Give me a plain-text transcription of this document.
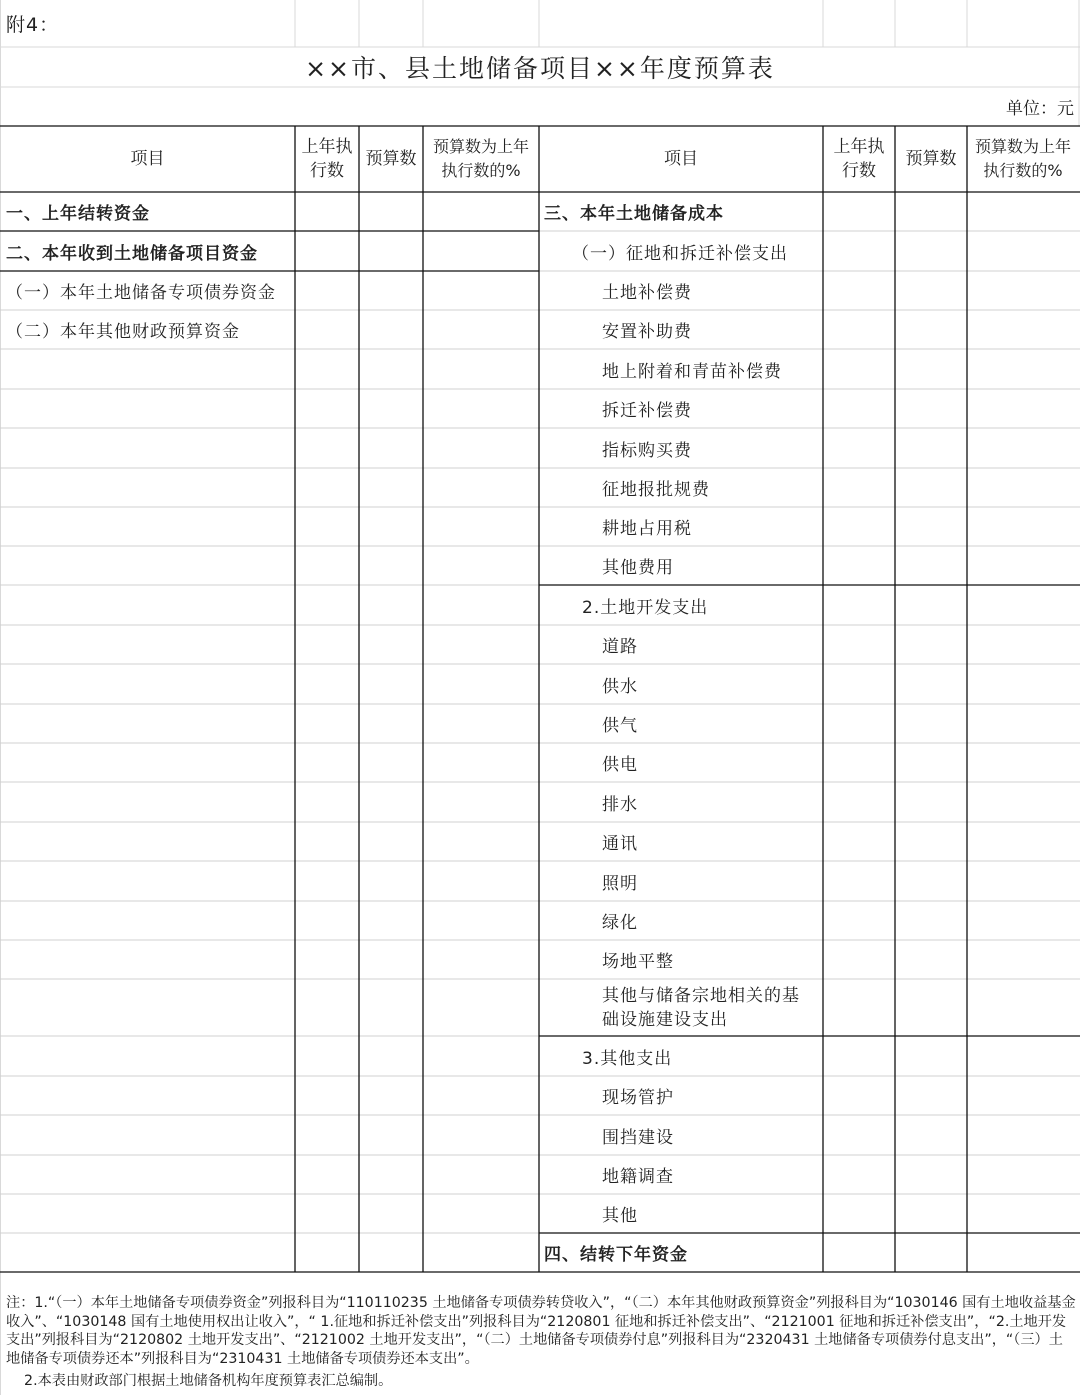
附4：
××市、县土地储备项目××年度预算表
单位：元
项目
上年执行数
预算数
预算数为上年执行数的%
项目
上年执行数
预算数
预算数为上年执行数的%
一、上年结转资金
二、本年收到土地储备项目资金
（一）本年土地储备专项债券资金
（二）本年其他财政预算资金
三、本年土地储备成本
（一）征地和拆迁补偿支出
土地补偿费
安置补助费
地上附着和青苗补偿费
拆迁补偿费
指标购买费
征地报批规费
耕地占用税
其他费用
2.土地开发支出
道路
供水
供气
供电
排水
通讯
照明
绿化
场地平整
其他与储备宗地相关的基础设施建设支出
3.其他支出
现场管护
围挡建设
地籍调查
其他
四、结转下年资金

注：1.“（一）本年土地储备专项债券资金”列报科目为“110110235 土地储备专项债券转贷收入”，“（二）本年其他财政预算资金”列报科目为“1030146 国有土地收益基金收入”、“1030148 国有土地使用权出让收入”，“ 1.征地和拆迁补偿支出”列报科目为“2120801 征地和拆迁补偿支出”、“2121001 征地和拆迁补偿支出”，“2.土地开发支出”列报科目为“2120802 土地开发支出”、“2121002 土地开发支出”，“（二）土地储备专项债券付息”列报科目为“2320431 土地储备专项债券付息支出”，“（三）土地储备专项债券还本”列报科目为“2310431 土地储备专项债券还本支出”。

2.本表由财政部门根据土地储备机构年度预算表汇总编制。
